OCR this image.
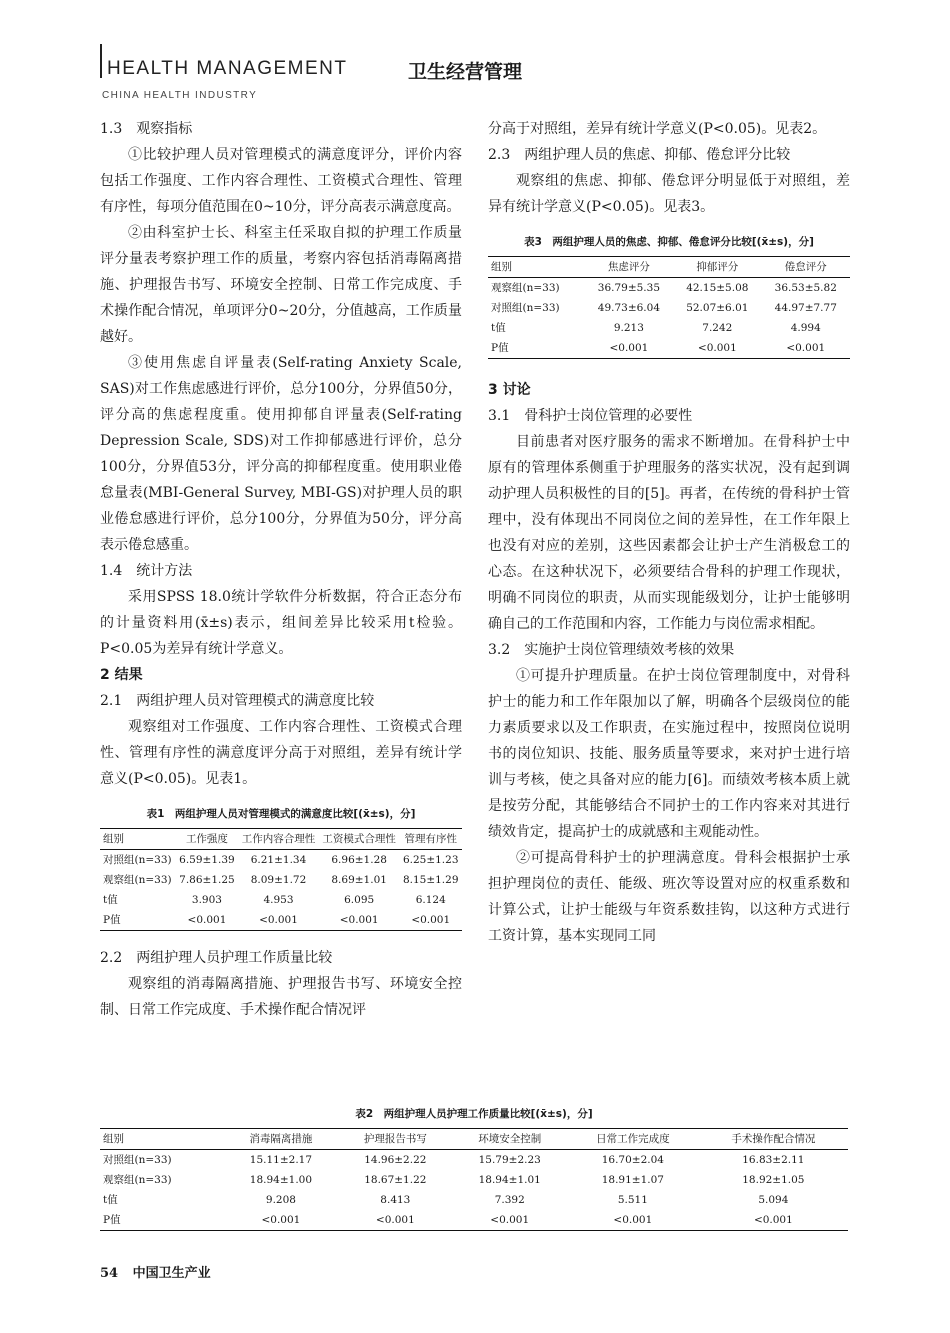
HEALTH MANAGEMENT	卫生经营管理
CHINA HEALTH INDUSTRY
1.3　观察指标

①比较护理人员对管理模式的满意度评分，评价内容包括工作强度、工作内容合理性、工资模式合理性、管理有序性，每项分值范围在0~10分，评分高表示满意度高。

②由科室护士长、科室主任采取自拟的护理工作质量评分量表考察护理工作的质量，考察内容包括消毒隔离措施、护理报告书写、环境安全控制、日常工作完成度、手术操作配合情况，单项评分0~20分，分值越高，工作质量越好。

③使用焦虑自评量表(Self-rating Anxiety Scale, SAS)对工作焦虑感进行评价，总分100分，分界值50分，评分高的焦虑程度重。使用抑郁自评量表(Self-rating Depression Scale, SDS)对工作抑郁感进行评价，总分100分，分界值53分，评分高的抑郁程度重。使用职业倦怠量表(MBI-General Survey, MBI-GS)对护理人员的职业倦怠感进行评价，总分100分，分界值为50分，评分高表示倦怠感重。

1.4　统计方法

采用SPSS 18.0统计学软件分析数据，符合正态分布的计量资料用(x̄±s)表示，组间差异比较采用t检验。P<0.05为差异有统计学意义。

2 结果
2.1　两组护理人员对管理模式的满意度比较

观察组对工作强度、工作内容合理性、工资模式合理性、管理有序性的满意度评分高于对照组，差异有统计学意义(P<0.05)。见表1。

表1　两组护理人员对管理模式的满意度比较[(x̄±s)，分]
组别	工作强度	工作内容合理性	工资模式合理性	管理有序性
对照组(n=33)	6.59±1.39	6.21±1.34	6.96±1.28	6.25±1.23
观察组(n=33)	7.86±1.25	8.09±1.72	8.69±1.01	8.15±1.29
t值	3.903	4.953	6.095	6.124
P值	<0.001	<0.001	<0.001	<0.001
2.2　两组护理人员护理工作质量比较

观察组的消毒隔离措施、护理报告书写、环境安全控制、日常工作完成度、手术操作配合情况评

分高于对照组，差异有统计学意义(P<0.05)。见表2。

2.3　两组护理人员的焦虑、抑郁、倦怠评分比较

观察组的焦虑、抑郁、倦怠评分明显低于对照组，差异有统计学意义(P<0.05)。见表3。

表3　两组护理人员的焦虑、抑郁、倦怠评分比较[(x̄±s)，分]
组别	焦虑评分	抑郁评分	倦怠评分
观察组(n=33)	36.79±5.35	42.15±5.08	36.53±5.82
对照组(n=33)	49.73±6.04	52.07±6.01	44.97±7.77
t值	9.213	7.242	4.994
P值	<0.001	<0.001	<0.001
3 讨论
3.1　骨科护士岗位管理的必要性

目前患者对医疗服务的需求不断增加。在骨科护士中原有的管理体系侧重于护理服务的落实状况，没有起到调动护理人员积极性的目的[5]。再者，在传统的骨科护士管理中，没有体现出不同岗位之间的差异性，在工作年限上也没有对应的差别，这些因素都会让护士产生消极怠工的心态。在这种状况下，必须要结合骨科的护理工作现状，明确不同岗位的职责，从而实现能级划分，让护士能够明确自己的工作范围和内容，工作能力与岗位需求相配。

3.2　实施护士岗位管理绩效考核的效果

①可提升护理质量。在护士岗位管理制度中，对骨科护士的能力和工作年限加以了解，明确各个层级岗位的能力素质要求以及工作职责，在实施过程中，按照岗位说明书的岗位知识、技能、服务质量等要求，来对护士进行培训与考核，使之具备对应的能力[6]。而绩效考核本质上就是按劳分配，其能够结合不同护士的工作内容来对其进行绩效肯定，提高护士的成就感和主观能动性。

②可提高骨科护士的护理满意度。骨科会根据护士承担护理岗位的责任、能级、班次等设置对应的权重系数和计算公式，让护士能级与年资系数挂钩，以这种方式进行工资计算，基本实现同工同

表2　两组护理人员护理工作质量比较[(x̄±s)，分]
组别	消毒隔离措施	护理报告书写	环境安全控制	日常工作完成度	手术操作配合情况
对照组(n=33)	15.11±2.17	14.96±2.22	15.79±2.23	16.70±2.04	16.83±2.11
观察组(n=33)	18.94±1.00	18.67±1.22	18.94±1.01	18.91±1.07	18.92±1.05
t值	9.208	8.413	7.392	5.511	5.094
P值	<0.001	<0.001	<0.001	<0.001	<0.001
54 中国卫生产业
